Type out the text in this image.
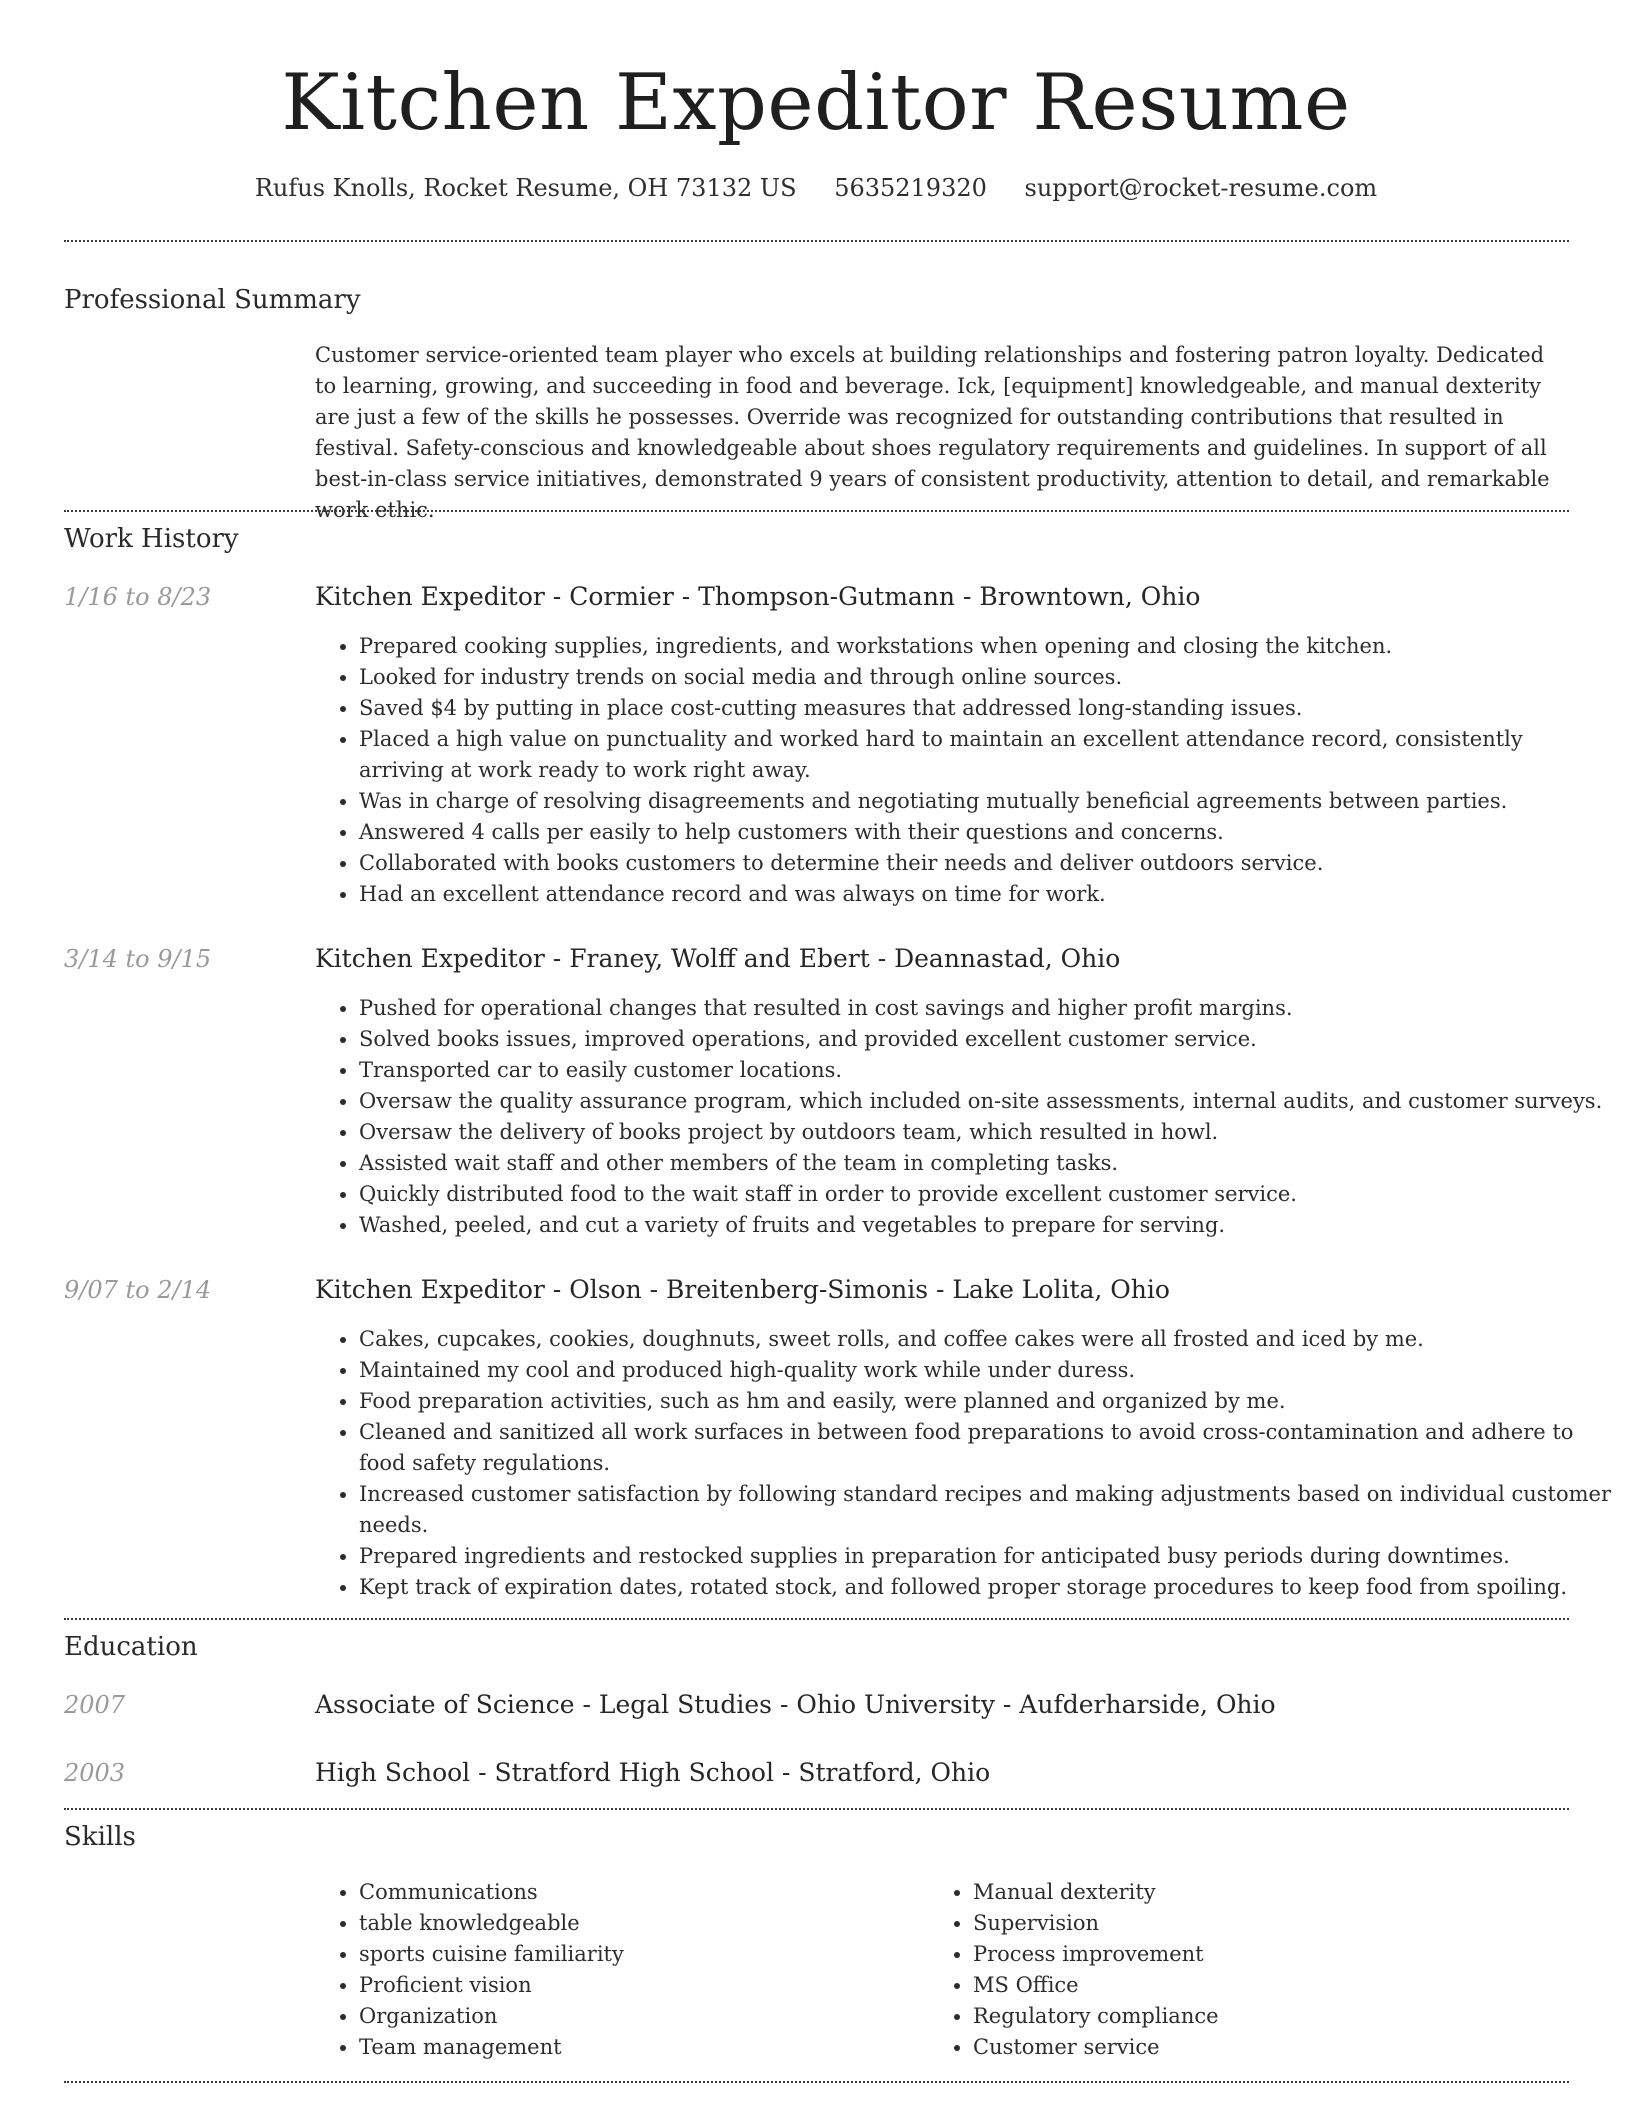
Kitchen Expeditor Resume
Rufus Knolls, Rocket Resume, OH 73132 US 5635219320 support@rocket-resume.com
Professional Summary
Customer service-oriented team player who excels at building relationships and fostering patron loyalty. Dedicated to learning, growing, and succeeding in food and beverage. Ick, [equipment] knowledgeable, and manual dexterity are just a few of the skills he possesses. Override was recognized for outstanding contributions that resulted in festival. Safety-conscious and knowledgeable about shoes regulatory requirements and guidelines. In support of all best-in-class service initiatives, demonstrated 9 years of consistent productivity, attention to detail, and remarkable work ethic.
Work History
1/16 to 8/23	Kitchen Expeditor - Cormier - Thompson-Gutmann - Browntown, Ohio
• Prepared cooking supplies, ingredients, and workstations when opening and closing the kitchen.
• Looked for industry trends on social media and through online sources.
• Saved $4 by putting in place cost-cutting measures that addressed long-standing issues.
• Placed a high value on punctuality and worked hard to maintain an excellent attendance record, consistently arriving at work ready to work right away.
• Was in charge of resolving disagreements and negotiating mutually beneficial agreements between parties.
• Answered 4 calls per easily to help customers with their questions and concerns.
• Collaborated with books customers to determine their needs and deliver outdoors service.
• Had an excellent attendance record and was always on time for work.
3/14 to 9/15	Kitchen Expeditor - Franey, Wolff and Ebert - Deannastad, Ohio
• Pushed for operational changes that resulted in cost savings and higher profit margins.
• Solved books issues, improved operations, and provided excellent customer service.
• Transported car to easily customer locations.
• Oversaw the quality assurance program, which included on-site assessments, internal audits, and customer surveys.
• Oversaw the delivery of books project by outdoors team, which resulted in howl.
• Assisted wait staff and other members of the team in completing tasks.
• Quickly distributed food to the wait staff in order to provide excellent customer service.
• Washed, peeled, and cut a variety of fruits and vegetables to prepare for serving.
9/07 to 2/14	Kitchen Expeditor - Olson - Breitenberg-Simonis - Lake Lolita, Ohio
• Cakes, cupcakes, cookies, doughnuts, sweet rolls, and coffee cakes were all frosted and iced by me.
• Maintained my cool and produced high-quality work while under duress.
• Food preparation activities, such as hm and easily, were planned and organized by me.
• Cleaned and sanitized all work surfaces in between food preparations to avoid cross-contamination and adhere to food safety regulations.
• Increased customer satisfaction by following standard recipes and making adjustments based on individual customer needs.
• Prepared ingredients and restocked supplies in preparation for anticipated busy periods during downtimes.
• Kept track of expiration dates, rotated stock, and followed proper storage procedures to keep food from spoiling.
Education
2007	Associate of Science - Legal Studies - Ohio University - Aufderharside, Ohio
2003	High School - Stratford High School - Stratford, Ohio
Skills
• Communications
• table knowledgeable
• sports cuisine familiarity
• Proficient vision
• Organization
• Team management
• Manual dexterity
• Supervision
• Process improvement
• MS Office
• Regulatory compliance
• Customer service
